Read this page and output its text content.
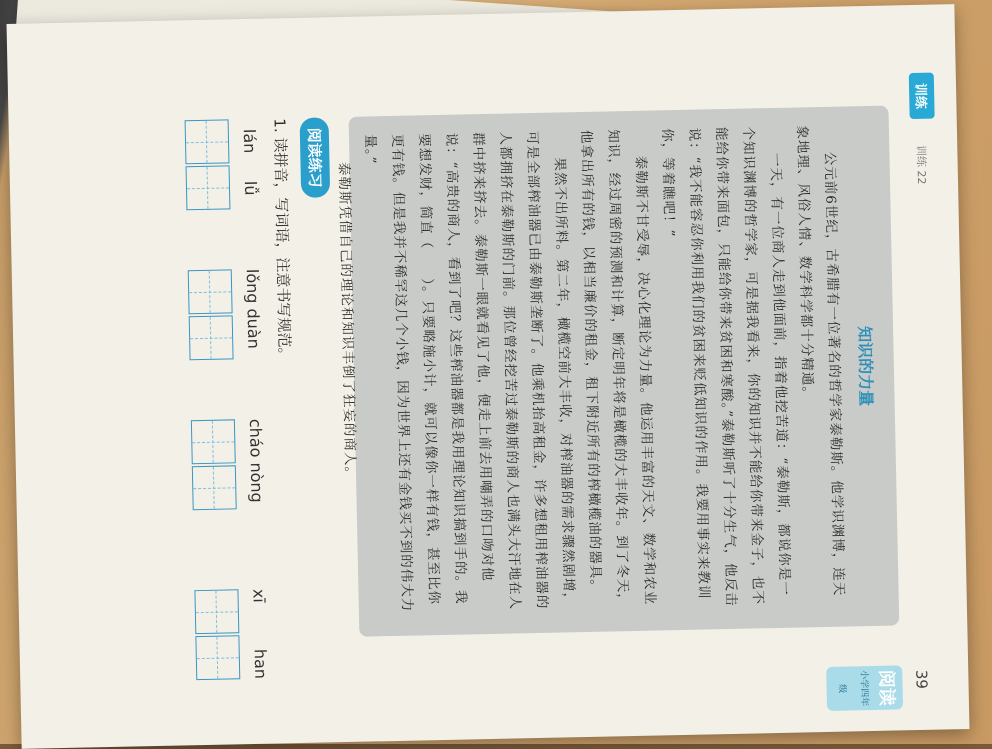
训练
训练 22
39
阅读
小学四年级
知识的力量

公元前6世纪，古希腊有一位著名的哲学家泰勒斯。他学识渊博，连天象地理、风俗人情、数学科学都十分精通。

一天，有一位商人走到他面前，指着他挖苦道：“泰勒斯，都说你是一个知识渊博的哲学家，可是据我看来，你的知识并不能给你带来金子，也不能给你带来面包，只能给你带来贫困和寒酸。”泰勒斯听了十分生气，他反击说：“我不能容忍你利用我们的贫困来贬低知识的作用。我要用事实来教训你，等着瞧吧！”

泰勒斯不甘受辱，决心化理论为力量。他运用丰富的天文、数学和农业知识，经过周密的预测和计算，断定明年将是橄榄的大丰收年。到了冬天，他拿出所有的钱，以相当廉价的租金，租下附近所有的榨橄榄油的器具。

果然不出所料。第二年，橄榄空前大丰收，对榨油器的需求骤然剧增，可是全部榨油器已由泰勒斯垄断了。他乘机抬高租金，许多想租用榨油器的人都拥挤在泰勒斯的门前。那位曾经挖苦过泰勒斯的商人也满头大汗地在人群中挤来挤去。泰勒斯一眼就看见了他，便走上前去用嘲弄的口吻对他说：“高贵的商人，看到了吧？这些榨油器都是我用理论知识搞到手的。我要想发财，简直（　　）。只要略施小计，就可以像你一样有钱，甚至比你更有钱。但是我并不稀罕这几个小钱，因为世界上还有金钱买不到的伟大力量。”

泰勒斯凭借自己的理论和知识丰倒了狂妄的商人。

阅读练习
1. 读拼音，写词语，注意书写规范。
lán
lǚ
lǒng duàn
cháo nòng
xī
han
